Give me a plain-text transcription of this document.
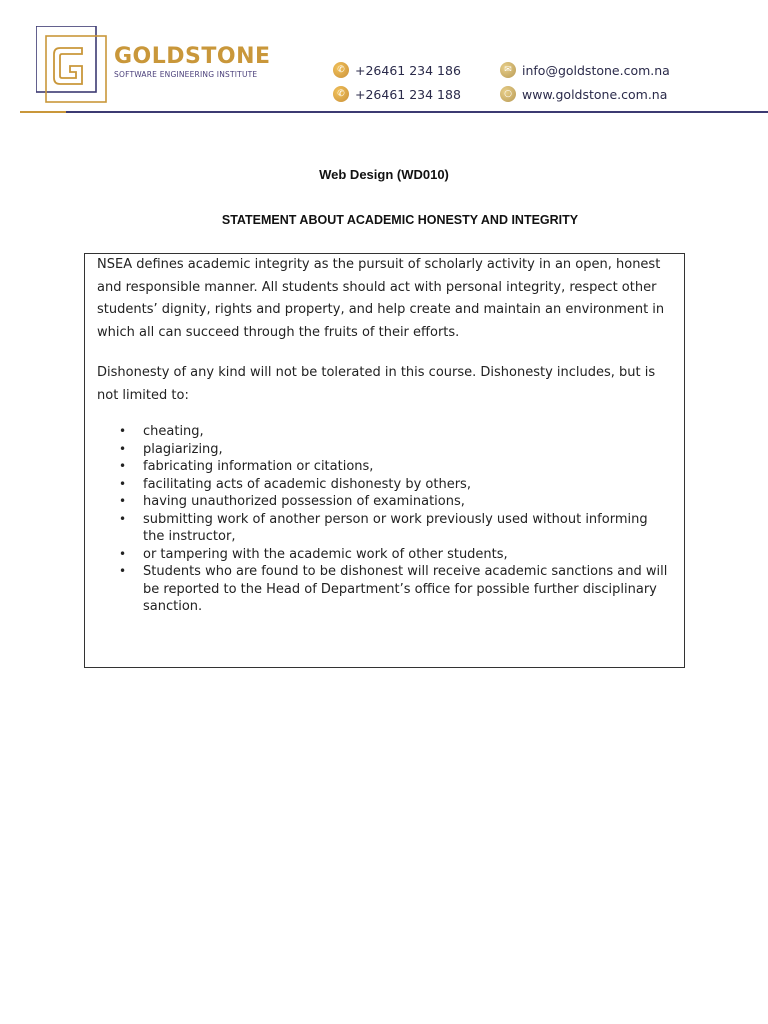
GOLDSTONE
SOFTWARE ENGINEERING INSTITUTE	✆ +26461 234 186
✆ +26461 234 188
✉ info@goldstone.com.na
○ www.goldstone.com.na
Web Design (WD010)
STATEMENT ABOUT ACADEMIC HONESTY AND INTEGRITY

NSEA defines academic integrity as the pursuit of scholarly activity in an open, honest and responsible manner. All students should act with personal integrity, respect other students’ dignity, rights and property, and help create and maintain an environment in which all can succeed through the fruits of their efforts.

Dishonesty of any kind will not be tolerated in this course. Dishonesty includes, but is not limited to:

• cheating,
• plagiarizing,
• fabricating information or citations,
• facilitating acts of academic dishonesty by others,
• having unauthorized possession of examinations,
• submitting work of another person or work previously used without informing the instructor,
• or tampering with the academic work of other students,
• Students who are found to be dishonest will receive academic sanctions and will be reported to the Head of Department’s office for possible further disciplinary sanction.
